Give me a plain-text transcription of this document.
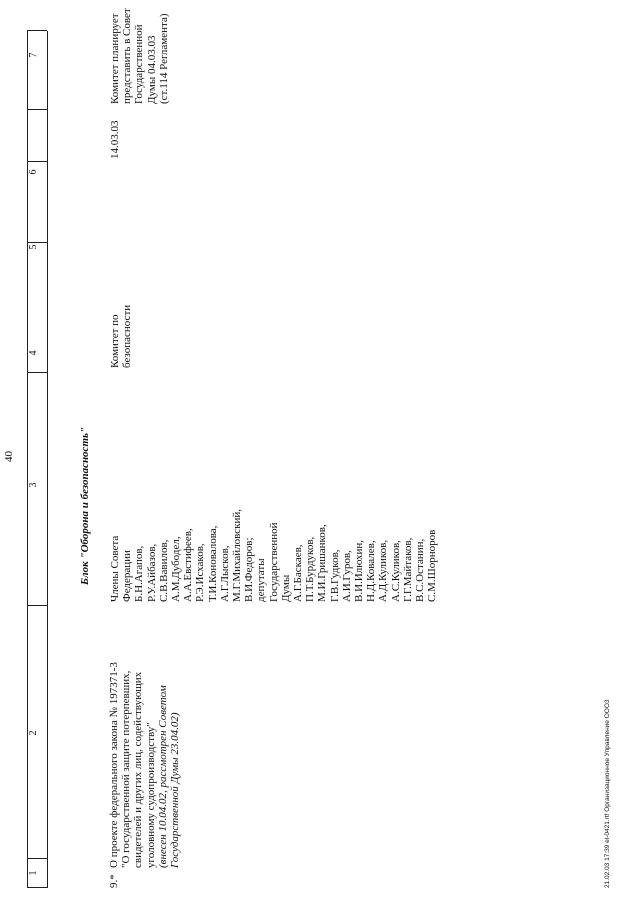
40
1
2
3
4
5
6
7
Блок "Оборона и безопасность"
9.*
О проекте федерального закона № 197371-3 "О государственной защите потерпевших, свидетелей и других лиц, содействующих уголовному судопроизводству" (внесен 10.04.02, рассмотрен Советом Государственной Думы 23.04.02)
Члены Совета Федерации Б.Н.Агапов, Р.У.Айбазов, С.В.Вавилов, А.М.Дубодел, А.А.Евстифеев, Р.Э.Исхаков, Т.И.Коновалова, А.Г.Лысков, М.Г.Михайловский, В.И.Федоров; депутаты Государственной Думы А.Г.Баскаев, П.Т.Бурдуков, М.И.Гришанков, Г.В.Гудков, А.И.Гуров, В.И.Илюхин, Н.Д.Ковалев, А.Д.Куликов, А.С.Куликов, Г.Г.Майтаков, В.С.Останин, С.М.Шорноров
Комитет по безопасности
14.03.03
Комитет планирует представить в Совет Государственной Думы 04.03.03 (ст.114 Регламента)
21.02.03 17:39 el-0421.rtf Организационное Управление ООО3
